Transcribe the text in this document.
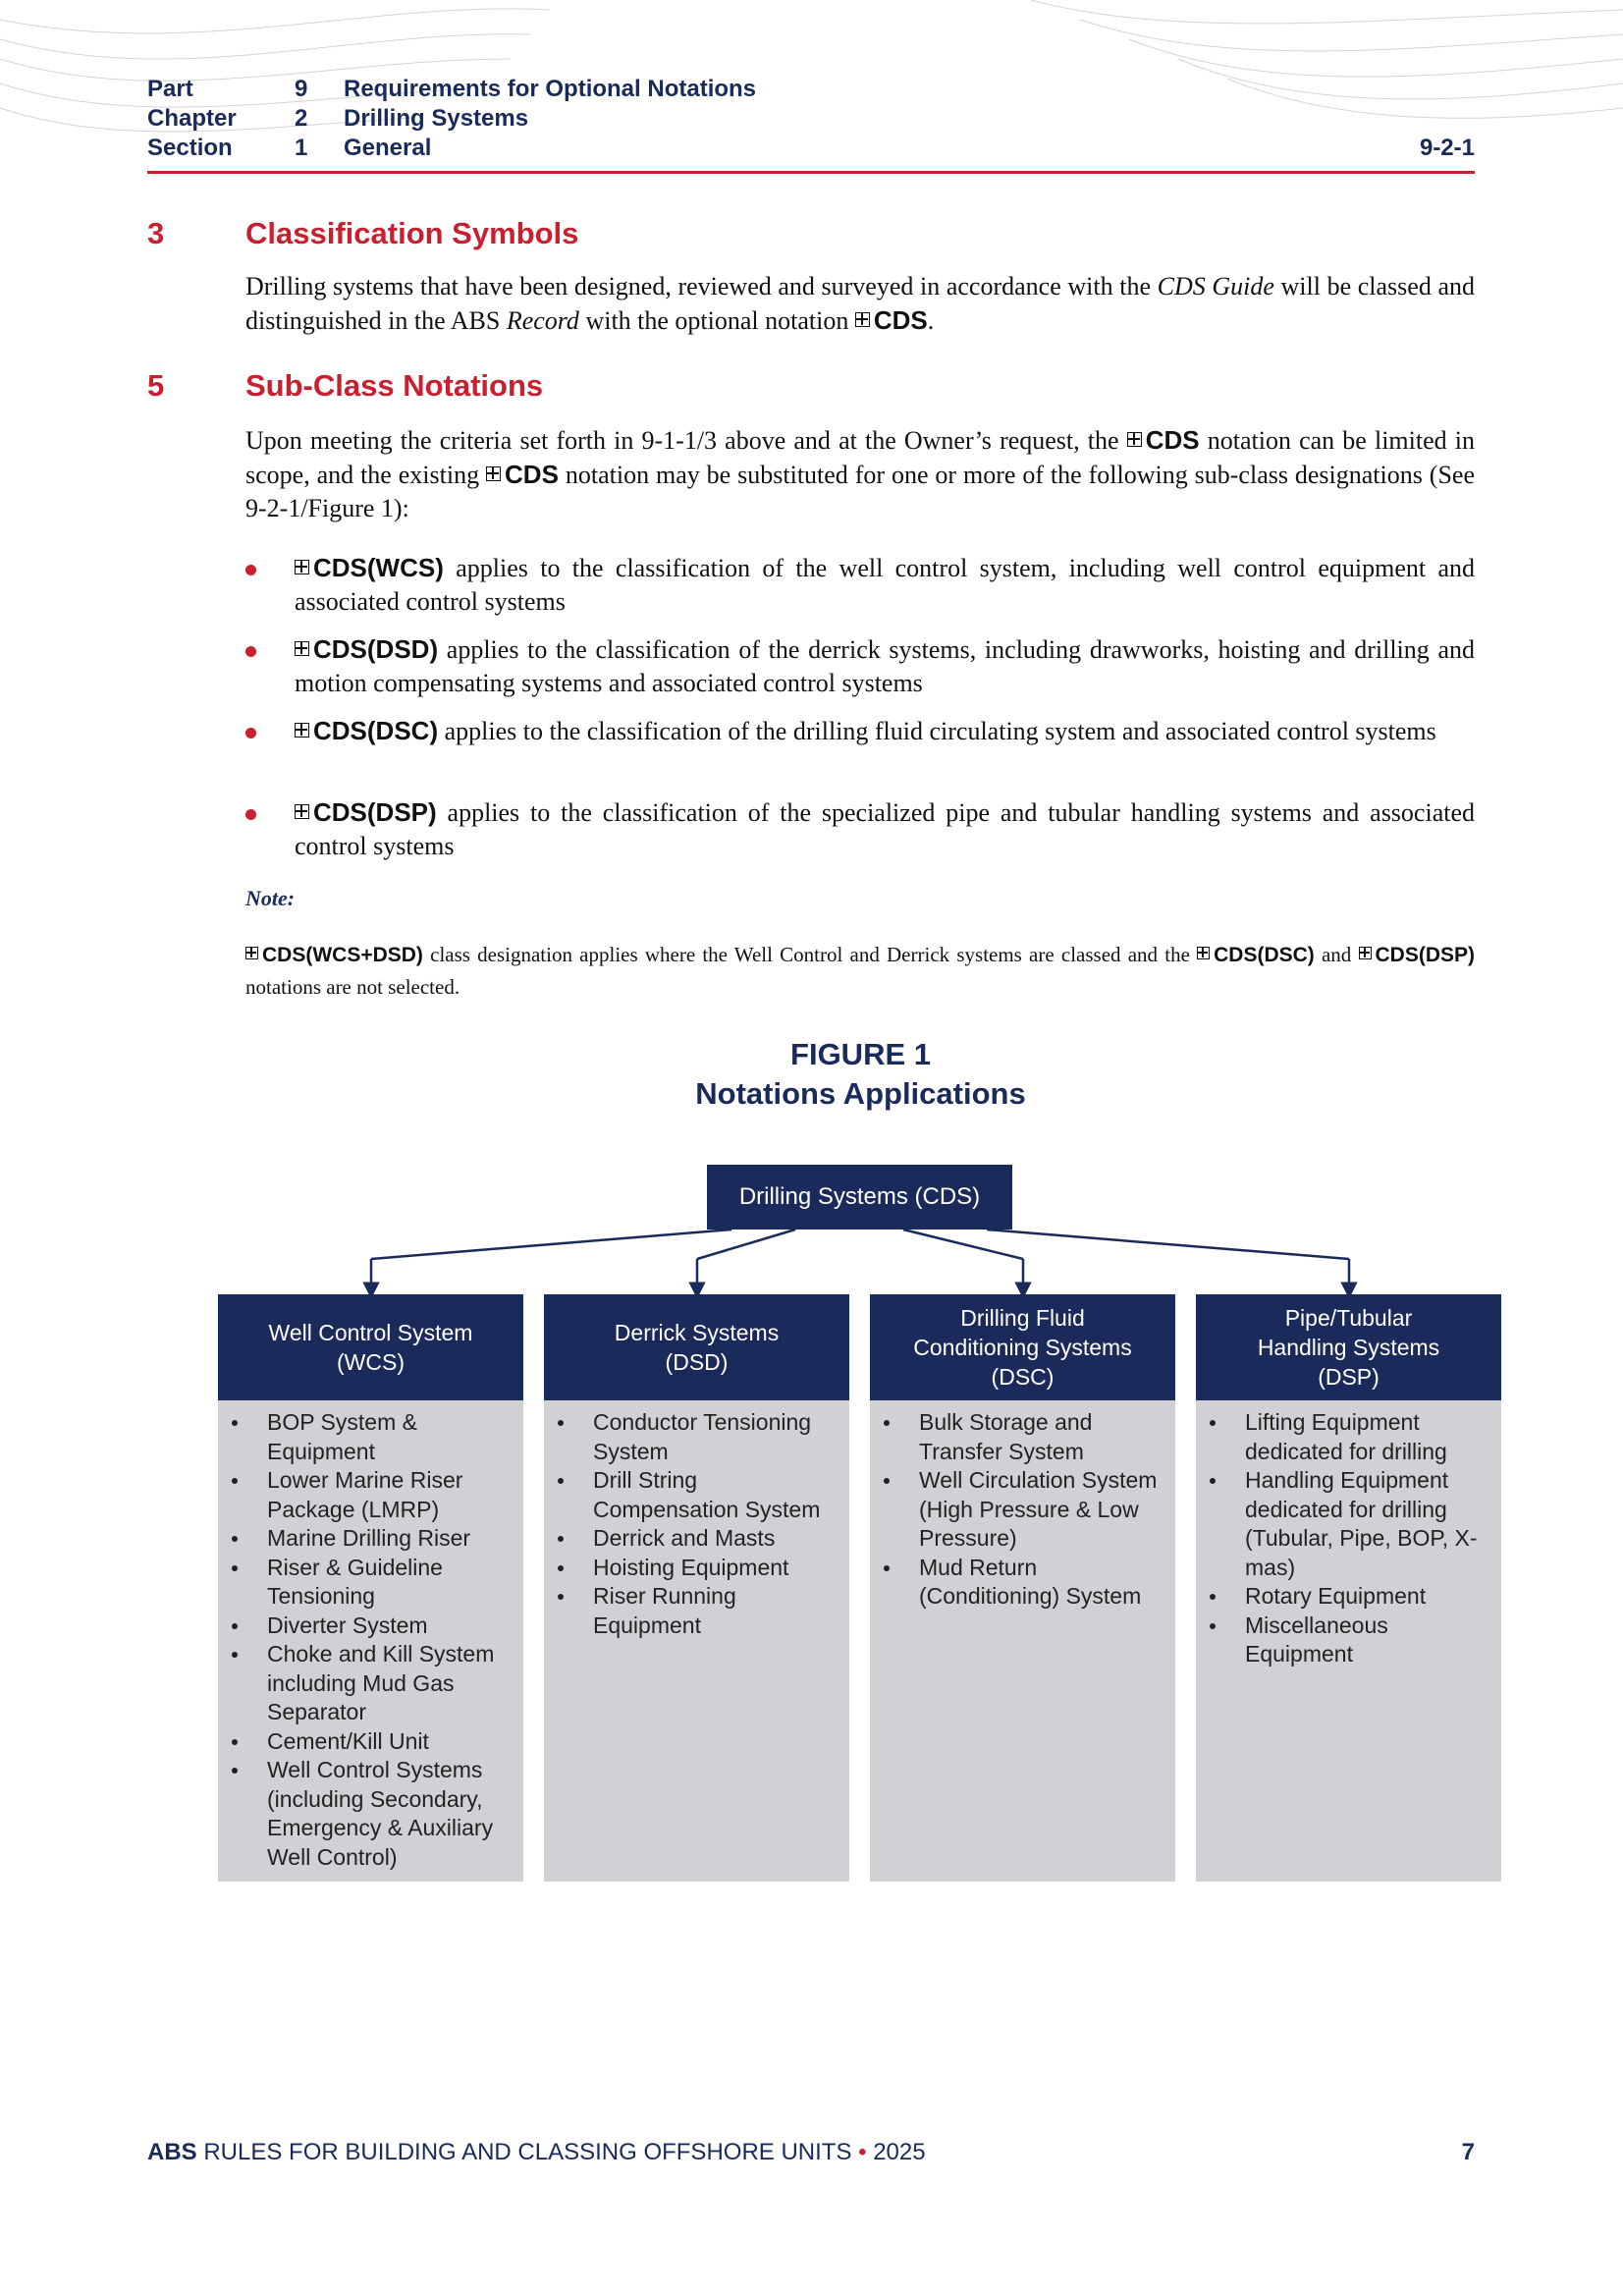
Part	9 Requirements for Optional Notations
Chapter 2 Drilling Systems
Section	1 General	9-2-1
3	Classification Symbols
Drilling systems that have been designed, reviewed and surveyed in accordance with the CDS Guide will be classed and distinguished in the ABS Record with the optional notation CDS.
5	Sub-Class Notations
Upon meeting the criteria set forth in 9-1-1/3 above and at the Owner’s request, the CDS notation can be limited in scope, and the existing CDS notation may be substituted for one or more of the following sub-class designations (See 9-2-1/Figure 1):
CDS(WCS) applies to the classification of the well control system, including well control equipment and associated control systems
CDS(DSD) applies to the classification of the derrick systems, including drawworks, hoisting and drilling and motion compensating systems and associated control systems
CDS(DSC) applies to the classification of the drilling fluid circulating system and associated control systems
CDS(DSP) applies to the classification of the specialized pipe and tubular handling systems and associated control systems
Note:
CDS(WCS+DSD) class designation applies where the Well Control and Derrick systems are classed and the CDS(DSC) and CDS(DSP) notations are not selected.
FIGURE 1
Notations Applications
Drilling Systems (CDS)
Well Control System
(WCS)
BOP System & Equipment
Lower Marine Riser Package (LMRP)
Marine Drilling Riser
Riser & Guideline Tensioning
Diverter System
Choke and Kill System including Mud Gas Separator
Cement/Kill Unit
Well Control Systems (including Secondary, Emergency & Auxiliary Well Control)
Derrick Systems
(DSD)
Conductor Tensioning System
Drill String Compensation System
Derrick and Masts
Hoisting Equipment
Riser Running Equipment
Drilling Fluid
Conditioning Systems
(DSC)
Bulk Storage and Transfer System
Well Circulation System (High Pressure & Low Pressure)
Mud Return (Conditioning) System
Pipe/Tubular
Handling Systems
(DSP)
Lifting Equipment dedicated for drilling
Handling Equipment dedicated for drilling (Tubular, Pipe, BOP, X-mas)
Rotary Equipment
Miscellaneous Equipment
ABS RULES FOR BUILDING AND CLASSING OFFSHORE UNITS • 2025	7
